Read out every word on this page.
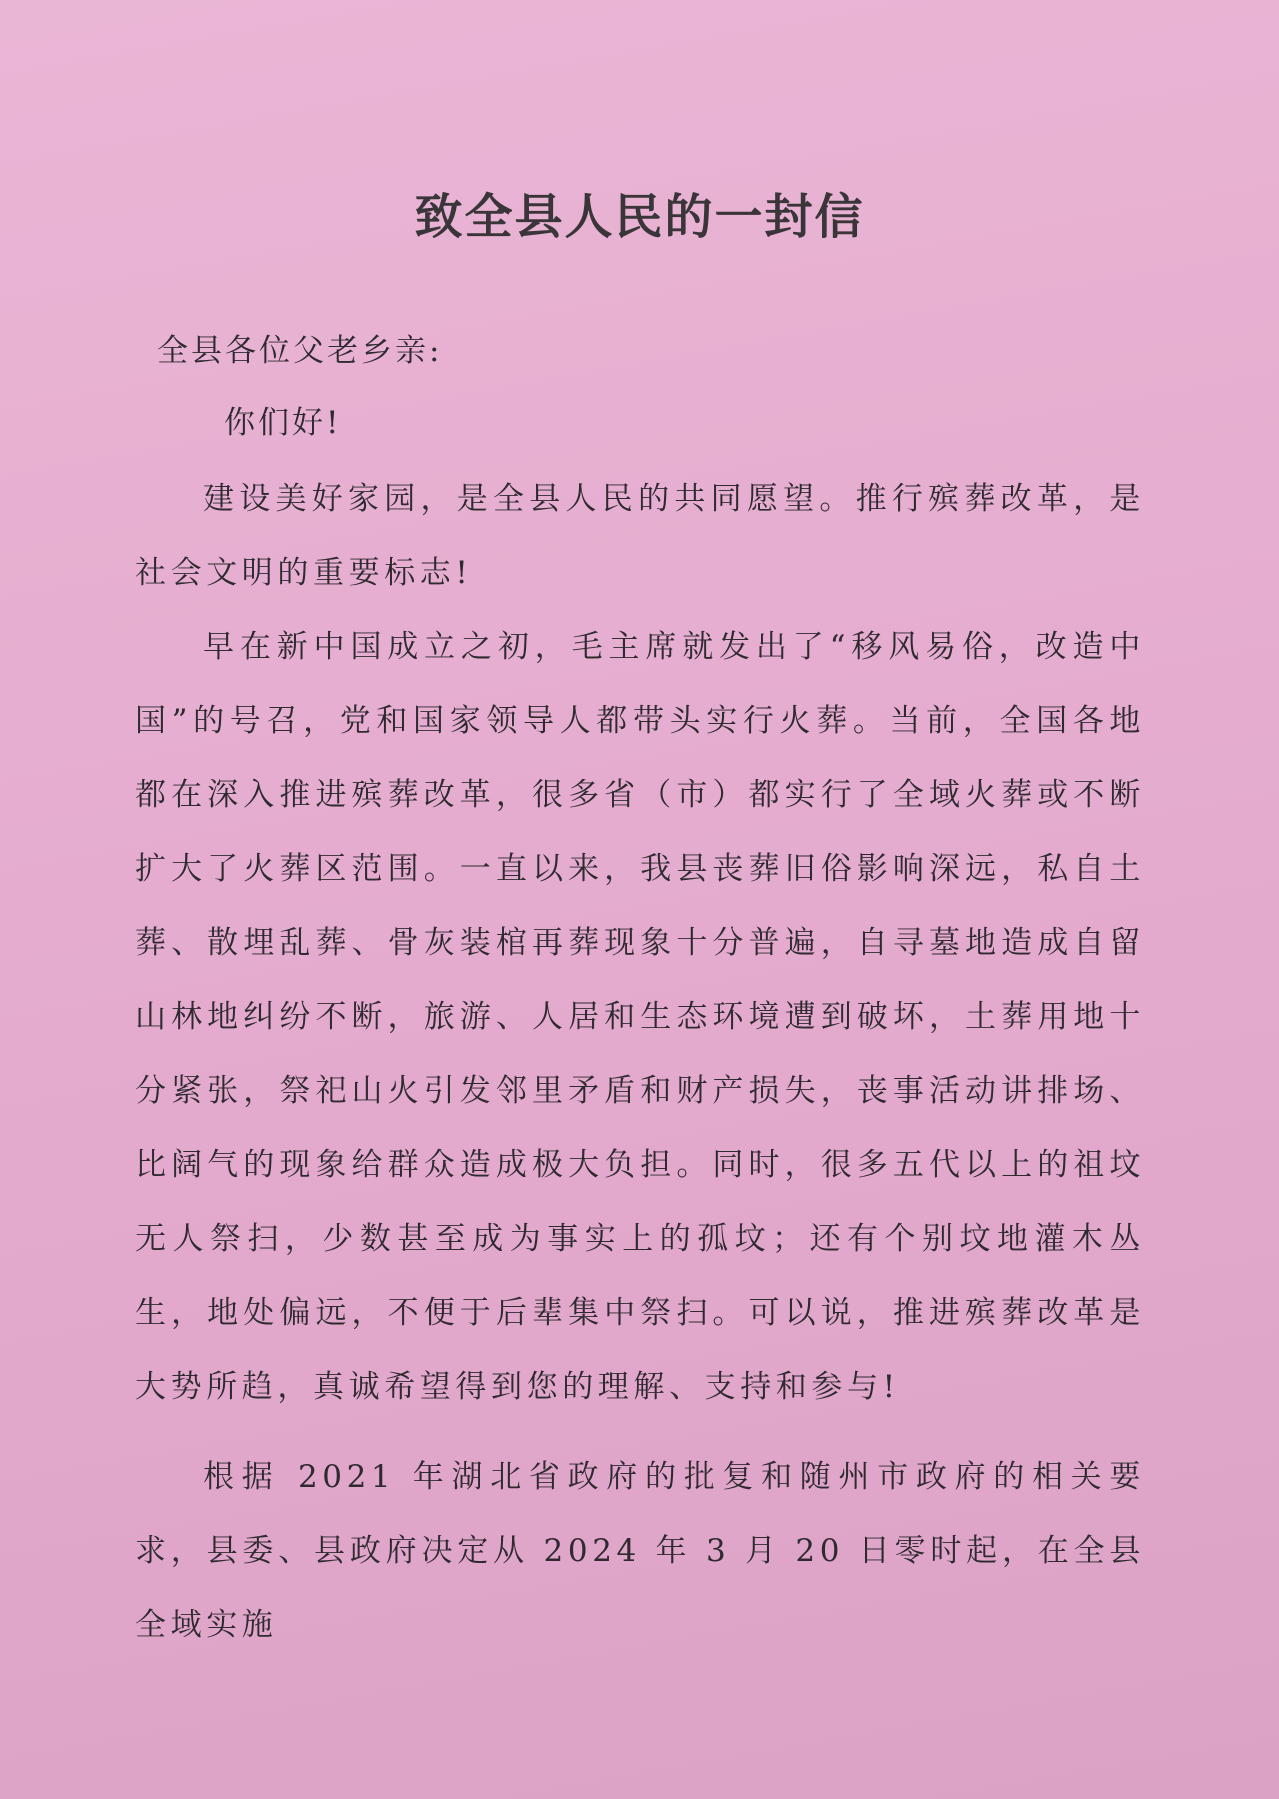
致全县人民的一封信
全县各位父老乡亲:
你们好!

建设美好家园，是全县人民的共同愿望。推行殡葬改革，是社会文明的重要标志!

早在新中国成立之初，毛主席就发出了“移风易俗，改造中国”的号召，党和国家领导人都带头实行火葬。当前，全国各地都在深入推进殡葬改革，很多省（市）都实行了全域火葬或不断扩大了火葬区范围。一直以来，我县丧葬旧俗影响深远，私自土葬、散埋乱葬、骨灰装棺再葬现象十分普遍，自寻墓地造成自留山林地纠纷不断，旅游、人居和生态环境遭到破坏，土葬用地十分紧张，祭祀山火引发邻里矛盾和财产损失，丧事活动讲排场、比阔气的现象给群众造成极大负担。同时，很多五代以上的祖坟无人祭扫，少数甚至成为事实上的孤坟；还有个别坟地灌木丛生，地处偏远，不便于后辈集中祭扫。可以说，推进殡葬改革是大势所趋，真诚希望得到您的理解、支持和参与!

根据 2021 年湖北省政府的批复和随州市政府的相关要求，县委、县政府决定从 2024 年 3 月 20 日零时起，在全县全域实施
